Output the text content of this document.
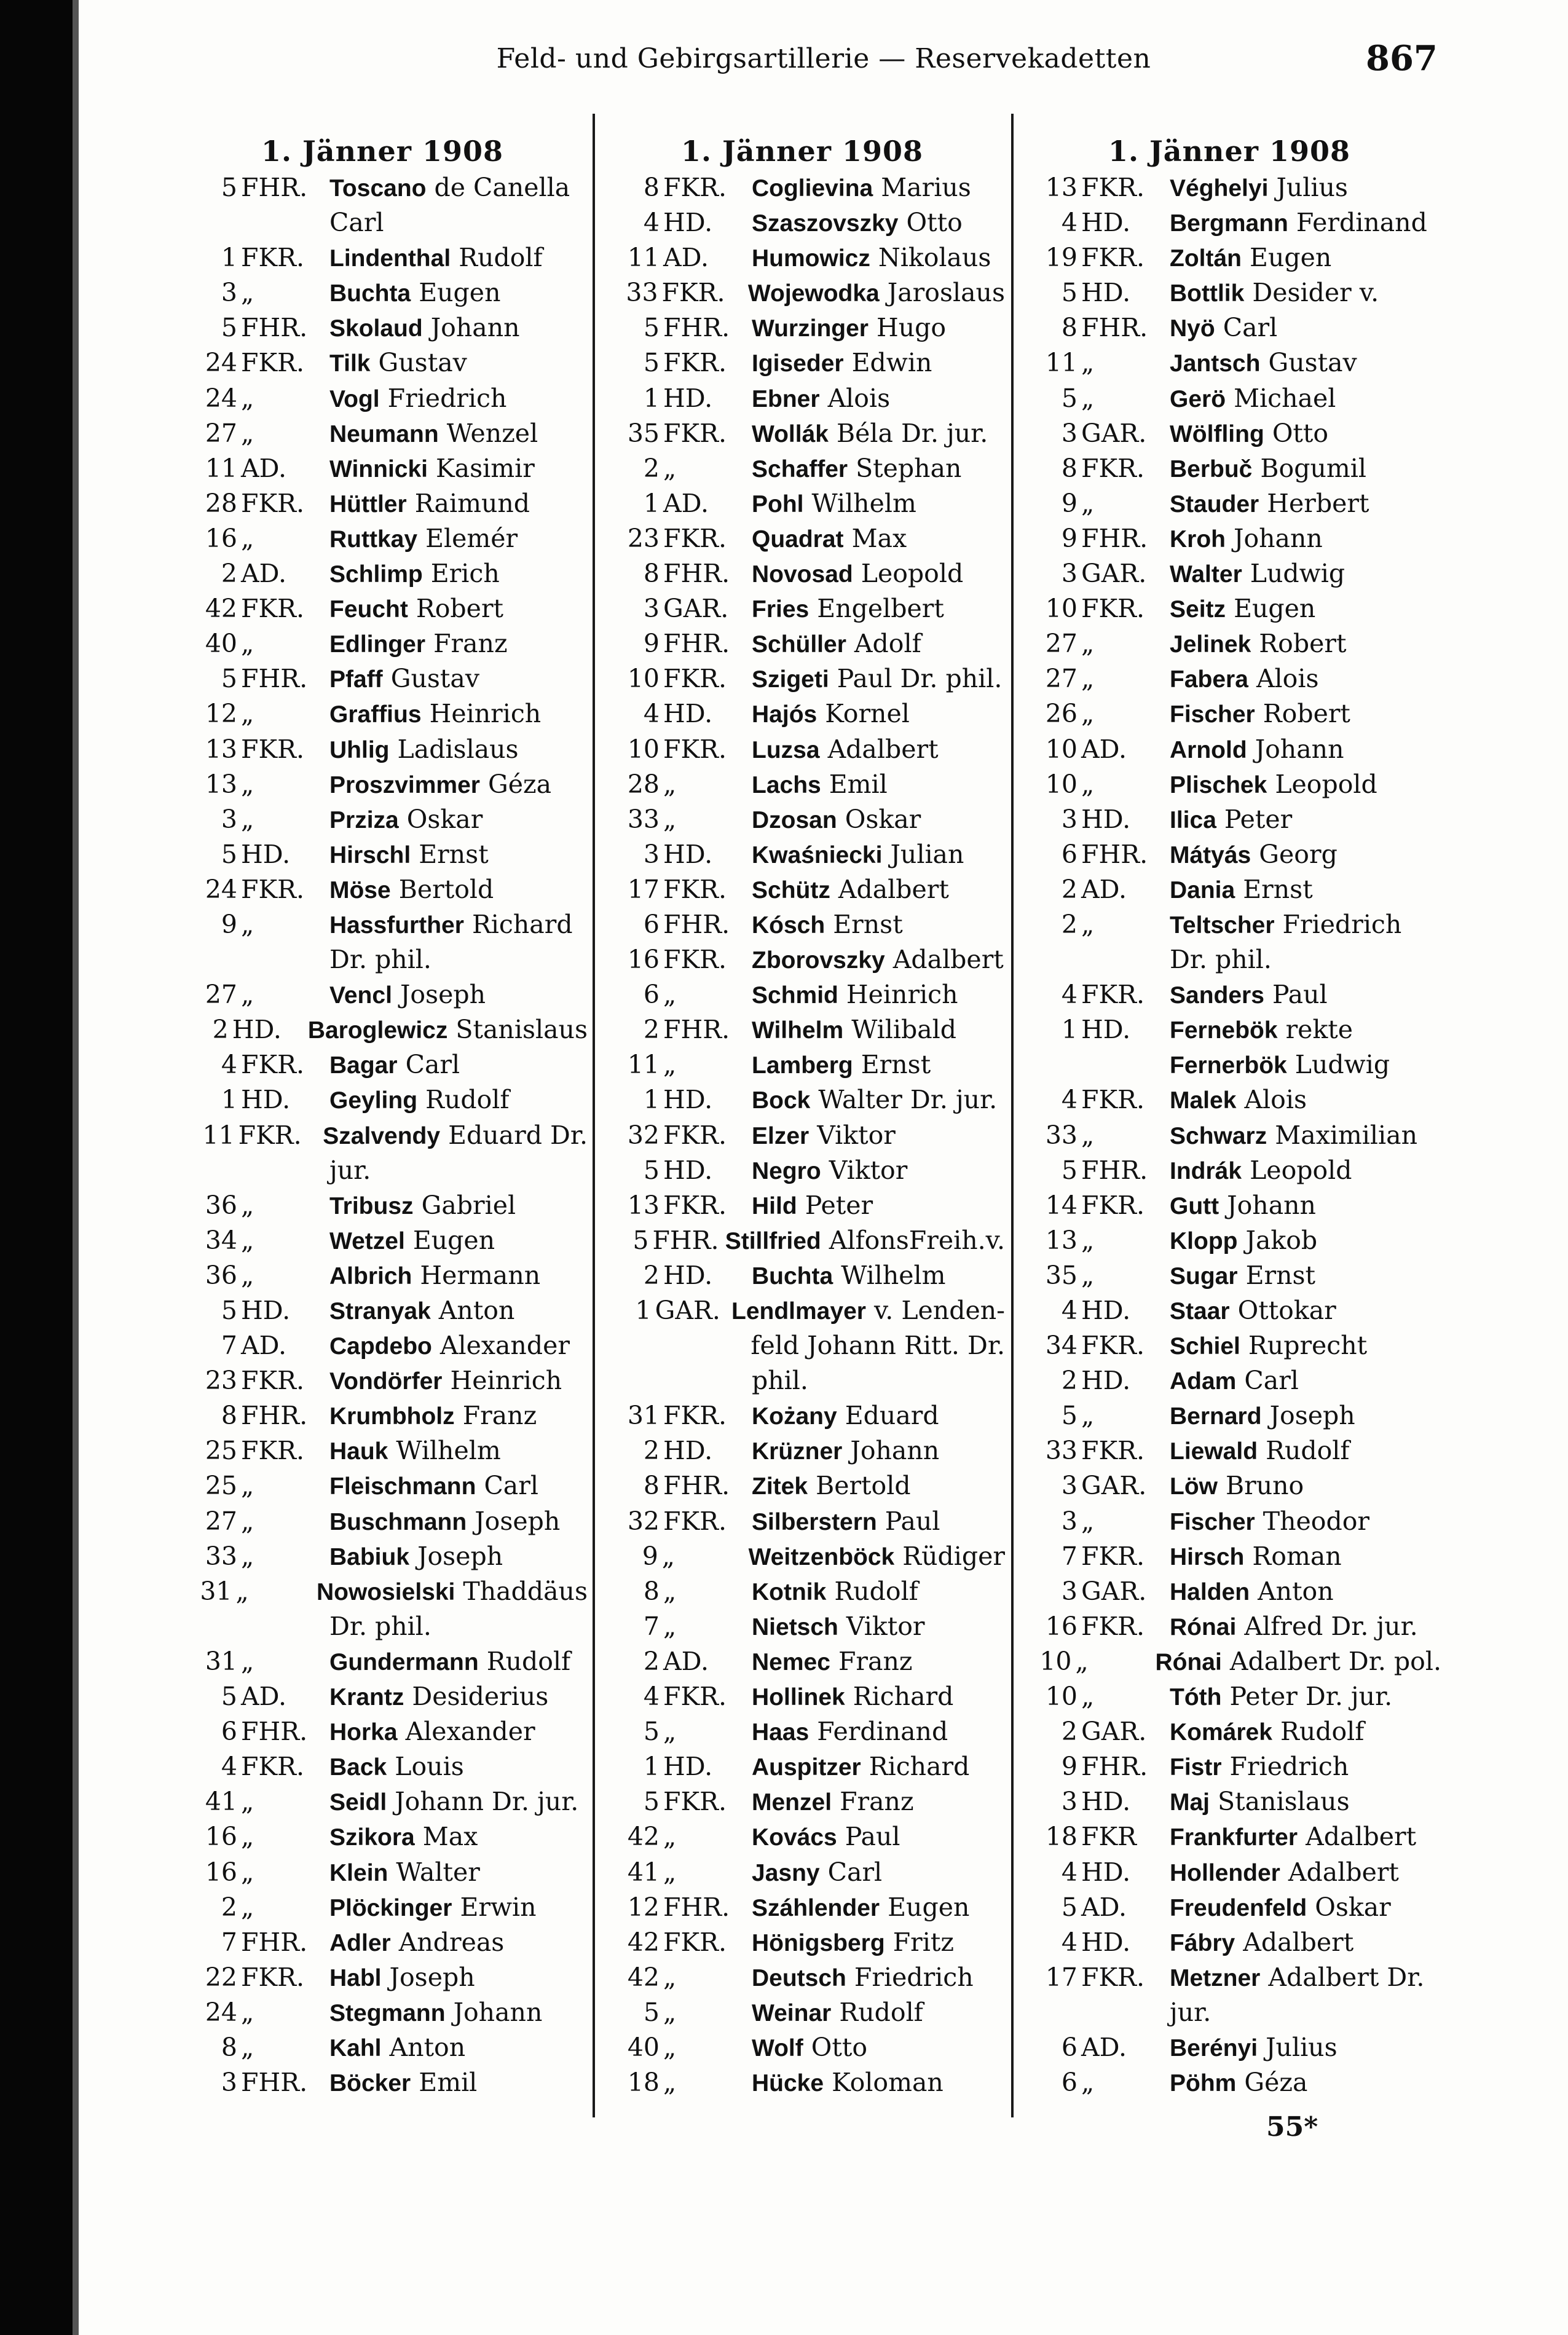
Feld- und Gebirgsartillerie — Reservekadetten	867
1. Jänner 1908
5 FHR. Toscano de Canella
Carl
1 FKR.	Lindenthal Rudolf
3 „	Buchta Eugen
5 FHR. Skolaud Johann
24 FKR.	Tilk Gustav
24 „	Vogl Friedrich
27 „	Neumann Wenzel
11 AD.	Winnicki Kasimir
28 FKR.	Hüttler Raimund
16 „	Ruttkay Elemér
2 AD.	Schlimp Erich
42 FKR.	Feucht Robert
40 „	Edlinger Franz
5 FHR. Pfaff Gustav
12 „	Graffius Heinrich
13 FKR.	Uhlig Ladislaus
13 „	Proszvimmer Géza
3 „	Prziza Oskar
5 HD.	Hirschl Ernst
24 FKR.	Möse Bertold
9 „	Hassfurther Richard
Dr. phil.
27 „	Vencl Joseph
2 HD.	Baroglewicz Stanislaus
4 FKR.	Bagar Carl
1 HD.	Geyling Rudolf
11 FKR. Szalvendy Eduard Dr.
jur.
36 „	Tribusz Gabriel
34 „	Wetzel Eugen
36 „	Albrich Hermann
5 HD.	Stranyak Anton
7 AD.	Capdebo Alexander
23 FKR.	Vondörfer Heinrich
8 FHR. Krumbholz Franz
25 FKR.	Hauk Wilhelm
25 „	Fleischmann Carl
27 „	Buschmann Joseph
33 „	Babiuk Joseph
31 „	Nowosielski Thaddäus
Dr. phil.
31 „	Gundermann Rudolf
5 AD.	Krantz Desiderius
6 FHR. Horka Alexander
4 FKR.	Back Louis
41 „	Seidl Johann Dr. jur.
16 „	Szikora Max
16 „	Klein Walter
2 „	Plöckinger Erwin
7 FHR. Adler Andreas
22 FKR.	Habl Joseph
24 „	Stegmann Johann
8 „	Kahl Anton
3 FHR. Böcker Emil
1. Jänner 1908
8 FKR.	Coglievina Marius
4 HD.	Szaszovszky Otto
11 AD.	Humowicz Nikolaus
33 FKR. Wojewodka Jaroslaus
5 FHR. Wurzinger Hugo
5 FKR.	Igiseder Edwin
1 HD.	Ebner Alois
35 FKR.	Wollák Béla Dr. jur.
2 „	Schaffer Stephan
1 AD.	Pohl Wilhelm
23 FKR.	Quadrat Max
8 FHR. Novosad Leopold
3 GAR. Fries Engelbert
9 FHR. Schüller Adolf
10 FKR.	Szigeti Paul Dr. phil.
4 HD.	Hajós Kornel
10 FKR.	Luzsa Adalbert
28 „	Lachs Emil
33 „	Dzosan Oskar
3 HD.	Kwaśniecki Julian
17 FKR.	Schütz Adalbert
6 FHR. Kósch Ernst
16 FKR.	Zborovszky Adalbert
6 „	Schmid Heinrich
2 FHR. Wilhelm Wilibald
11 „	Lamberg Ernst
1 HD.	Bock Walter Dr. jur.
32 FKR.	Elzer Viktor
5 HD.	Negro Viktor
13 FKR.	Hild Peter
5 FHR. Stillfried AlfonsFreih.v.
2 HD.	Buchta Wilhelm
1 GAR. Lendlmayer v. Lenden-
feld Johann Ritt. Dr.
phil.
31 FKR.	Kożany Eduard
2 HD.	Krüzner Johann
8 FHR. Zitek Bertold
32 FKR.	Silberstern Paul
9 „	Weitzenböck Rüdiger
8 „	Kotnik Rudolf
7 „	Nietsch Viktor
2 AD.	Nemec Franz
4 FKR.	Hollinek Richard
5 „	Haas Ferdinand
1 HD.	Auspitzer Richard
5 FKR.	Menzel Franz
42 „	Kovács Paul
41 „	Jasny Carl
12 FHR. Száhlender Eugen
42 FKR.	Hönigsberg Fritz
42 „	Deutsch Friedrich
5 „	Weinar Rudolf
40 „	Wolf Otto
18 „	Hücke Koloman
1. Jänner 1908
13 FKR.	Véghelyi Julius
4 HD.	Bergmann Ferdinand
19 FKR.	Zoltán Eugen
5 HD.	Bottlik Desider v.
8 FHR. Nyö Carl
11 „	Jantsch Gustav
5 „	Gerö Michael
3 GAR. Wölfling Otto
8 FKR.	Berbuč Bogumil
9 „	Stauder Herbert
9 FHR. Kroh Johann
3 GAR. Walter Ludwig
10 FKR.	Seitz Eugen
27 „	Jelinek Robert
27 „	Fabera Alois
26 „	Fischer Robert
10 AD.	Arnold Johann
10 „	Plischek Leopold
3 HD.	Ilica Peter
6 FHR. Mátyás Georg
2 AD.	Dania Ernst
2 „	Teltscher Friedrich
Dr. phil.
4 FKR.	Sanders Paul
1 HD.	Fernebök rekte
Fernerbök Ludwig
4 FKR.	Malek Alois
33 „	Schwarz Maximilian
5 FHR. Indrák Leopold
14 FKR.	Gutt Johann
13 „	Klopp Jakob
35 „	Sugar Ernst
4 HD.	Staar Ottokar
34 FKR.	Schiel Ruprecht
2 HD.	Adam Carl
5 „	Bernard Joseph
33 FKR.	Liewald Rudolf
3 GAR. Löw Bruno
3 „	Fischer Theodor
7 FKR.	Hirsch Roman
3 GAR. Halden Anton
16 FKR.	Rónai Alfred Dr. jur.
10 „	Rónai Adalbert Dr. pol.
10 „	Tóth Peter Dr. jur.
2 GAR. Komárek Rudolf
9 FHR. Fistr Friedrich
3 HD.	Maj Stanislaus
18 FKR	Frankfurter Adalbert
4 HD.	Hollender Adalbert
5 AD.	Freudenfeld Oskar
4 HD.	Fábry Adalbert
17 FKR.	Metzner Adalbert Dr.
jur.
6 AD.	Berényi Julius
6 „	Pöhm Géza
55*
